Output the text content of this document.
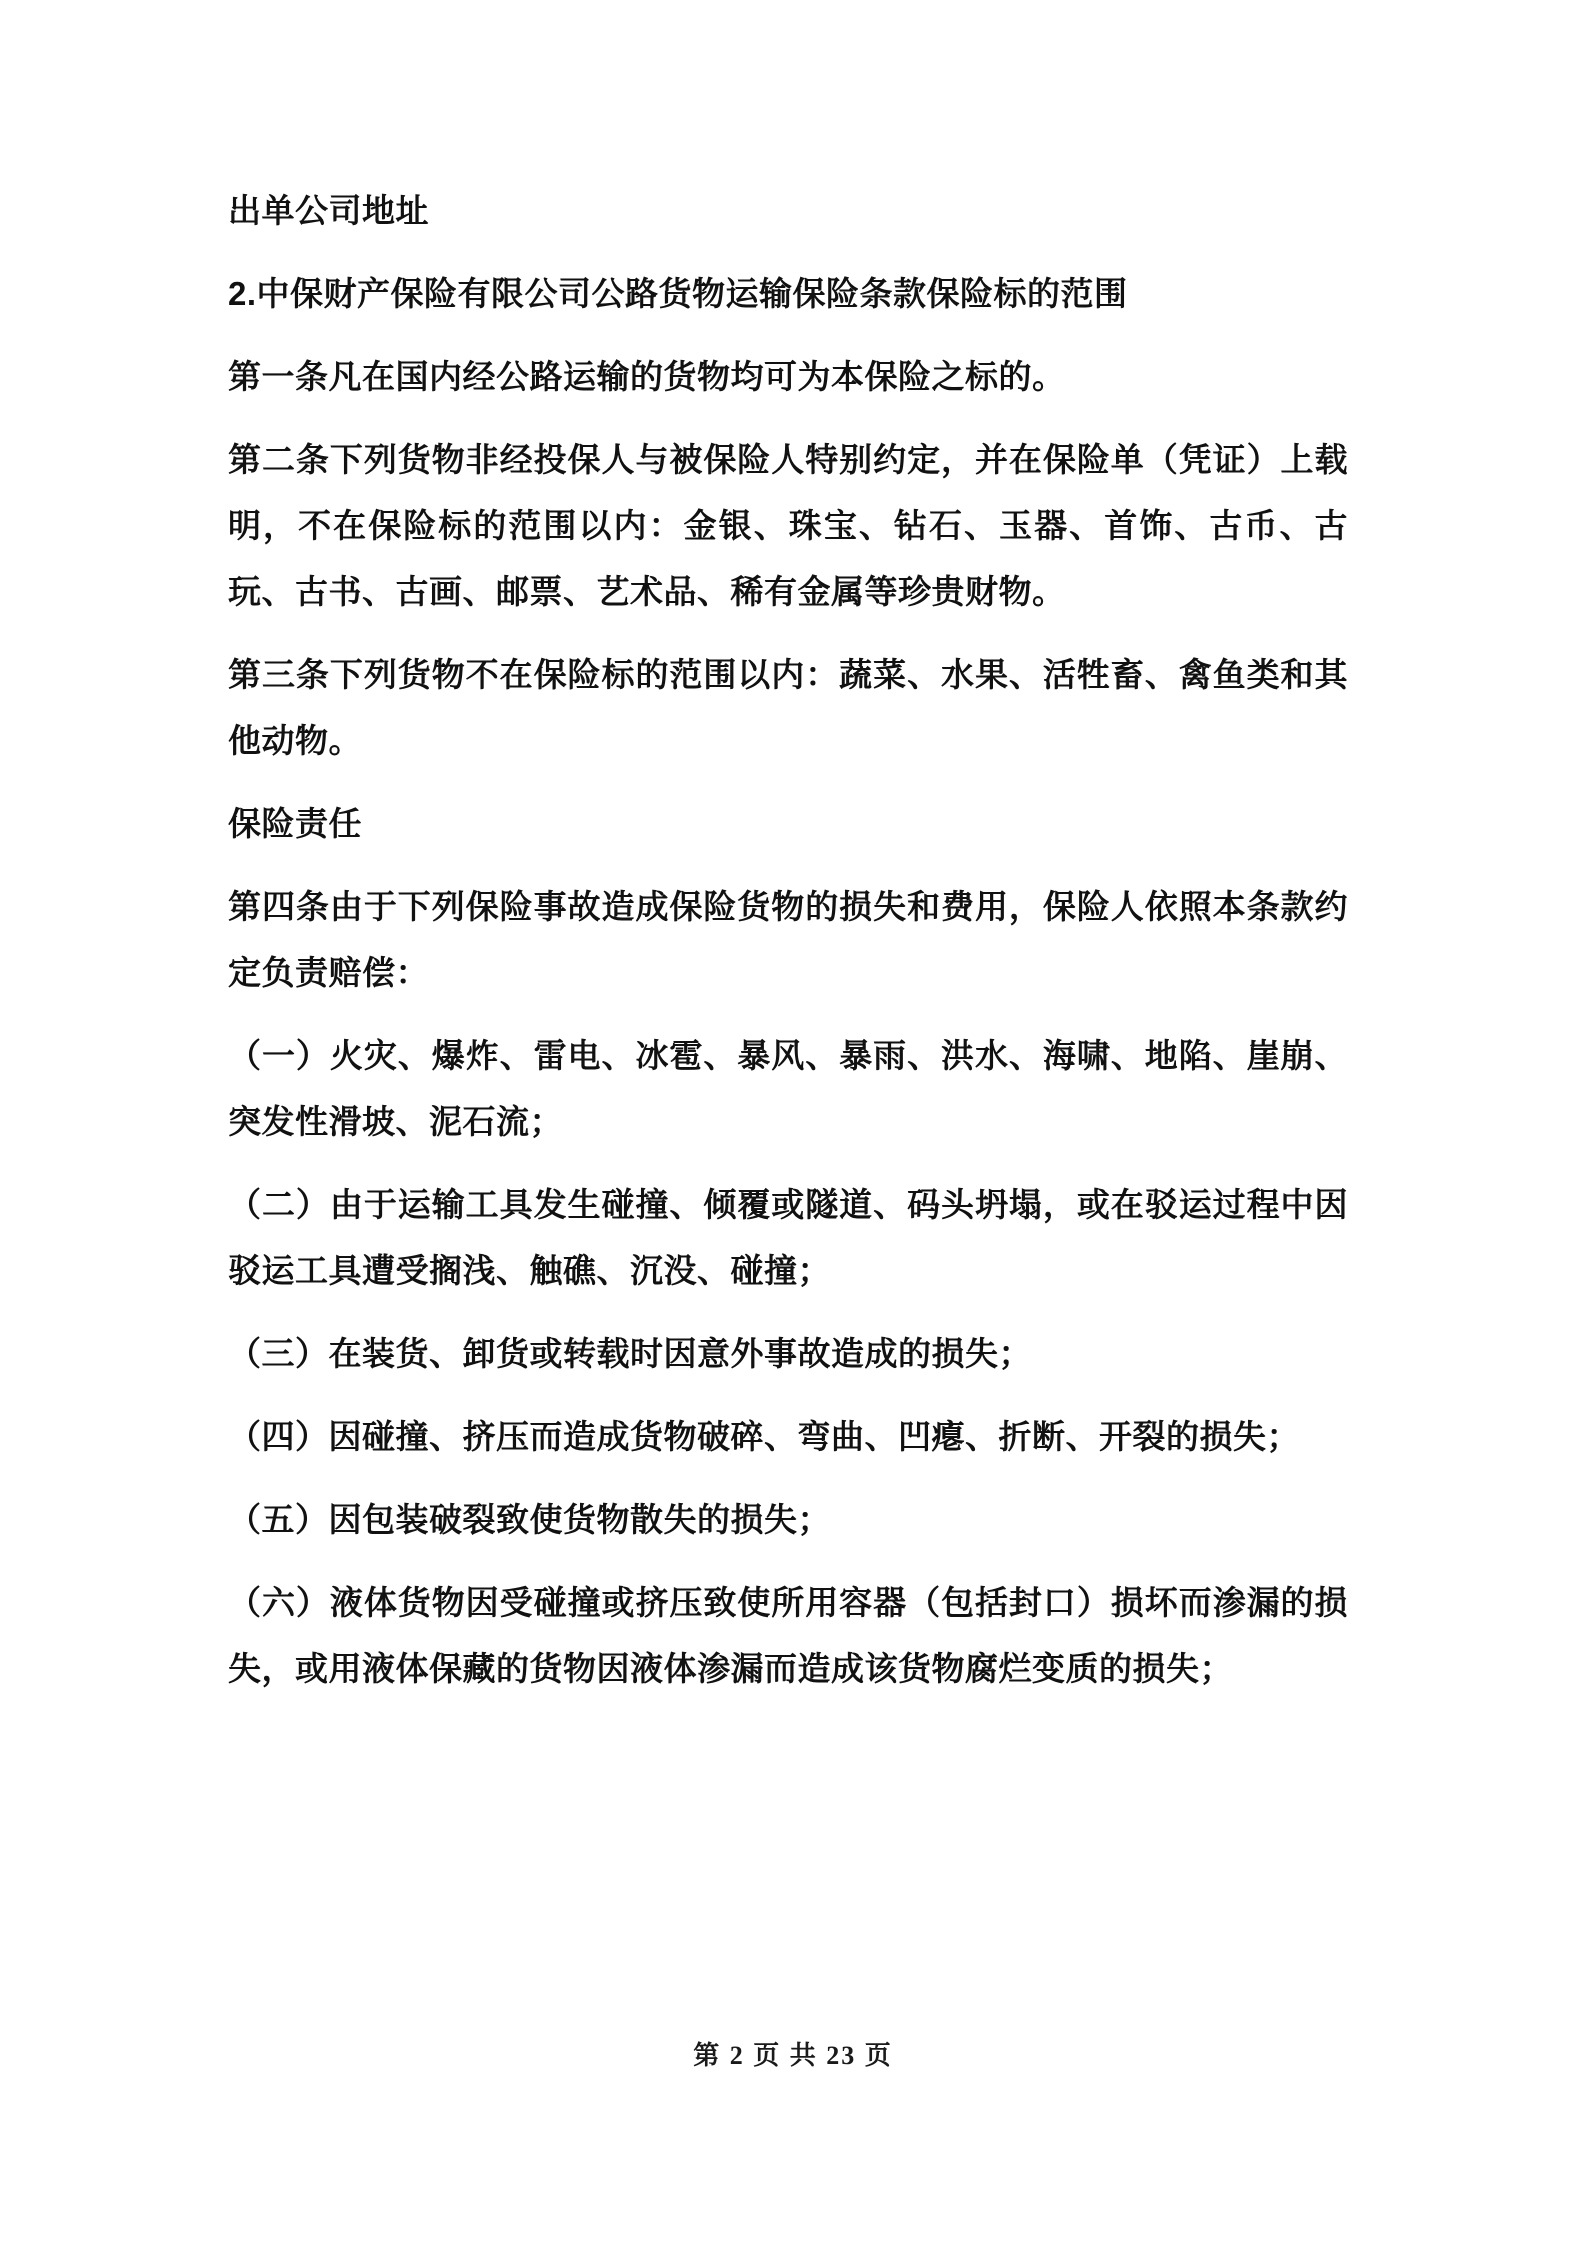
出单公司地址

2.中保财产保险有限公司公路货物运输保险条款保险标的范围

第一条凡在国内经公路运输的货物均可为本保险之标的。

第二条下列货物非经投保人与被保险人特别约定，并在保险单（凭证）上载明，不在保险标的范围以内：金银、珠宝、钻石、玉器、首饰、古币、古玩、古书、古画、邮票、艺术品、稀有金属等珍贵财物。

第三条下列货物不在保险标的范围以内：蔬菜、水果、活牲畜、禽鱼类和其他动物。

保险责任

第四条由于下列保险事故造成保险货物的损失和费用，保险人依照本条款约定负责赔偿：

（一）火灾、爆炸、雷电、冰雹、暴风、暴雨、洪水、海啸、地陷、崖崩、突发性滑坡、泥石流；

（二）由于运输工具发生碰撞、倾覆或隧道、码头坍塌，或在驳运过程中因驳运工具遭受搁浅、触礁、沉没、碰撞；

（三）在装货、卸货或转载时因意外事故造成的损失；

（四）因碰撞、挤压而造成货物破碎、弯曲、凹瘪、折断、开裂的损失；

（五）因包装破裂致使货物散失的损失；

（六）液体货物因受碰撞或挤压致使所用容器（包括封口）损坏而渗漏的损失，或用液体保藏的货物因液体渗漏而造成该货物腐烂变质的损失；

第 2 页 共 23 页
